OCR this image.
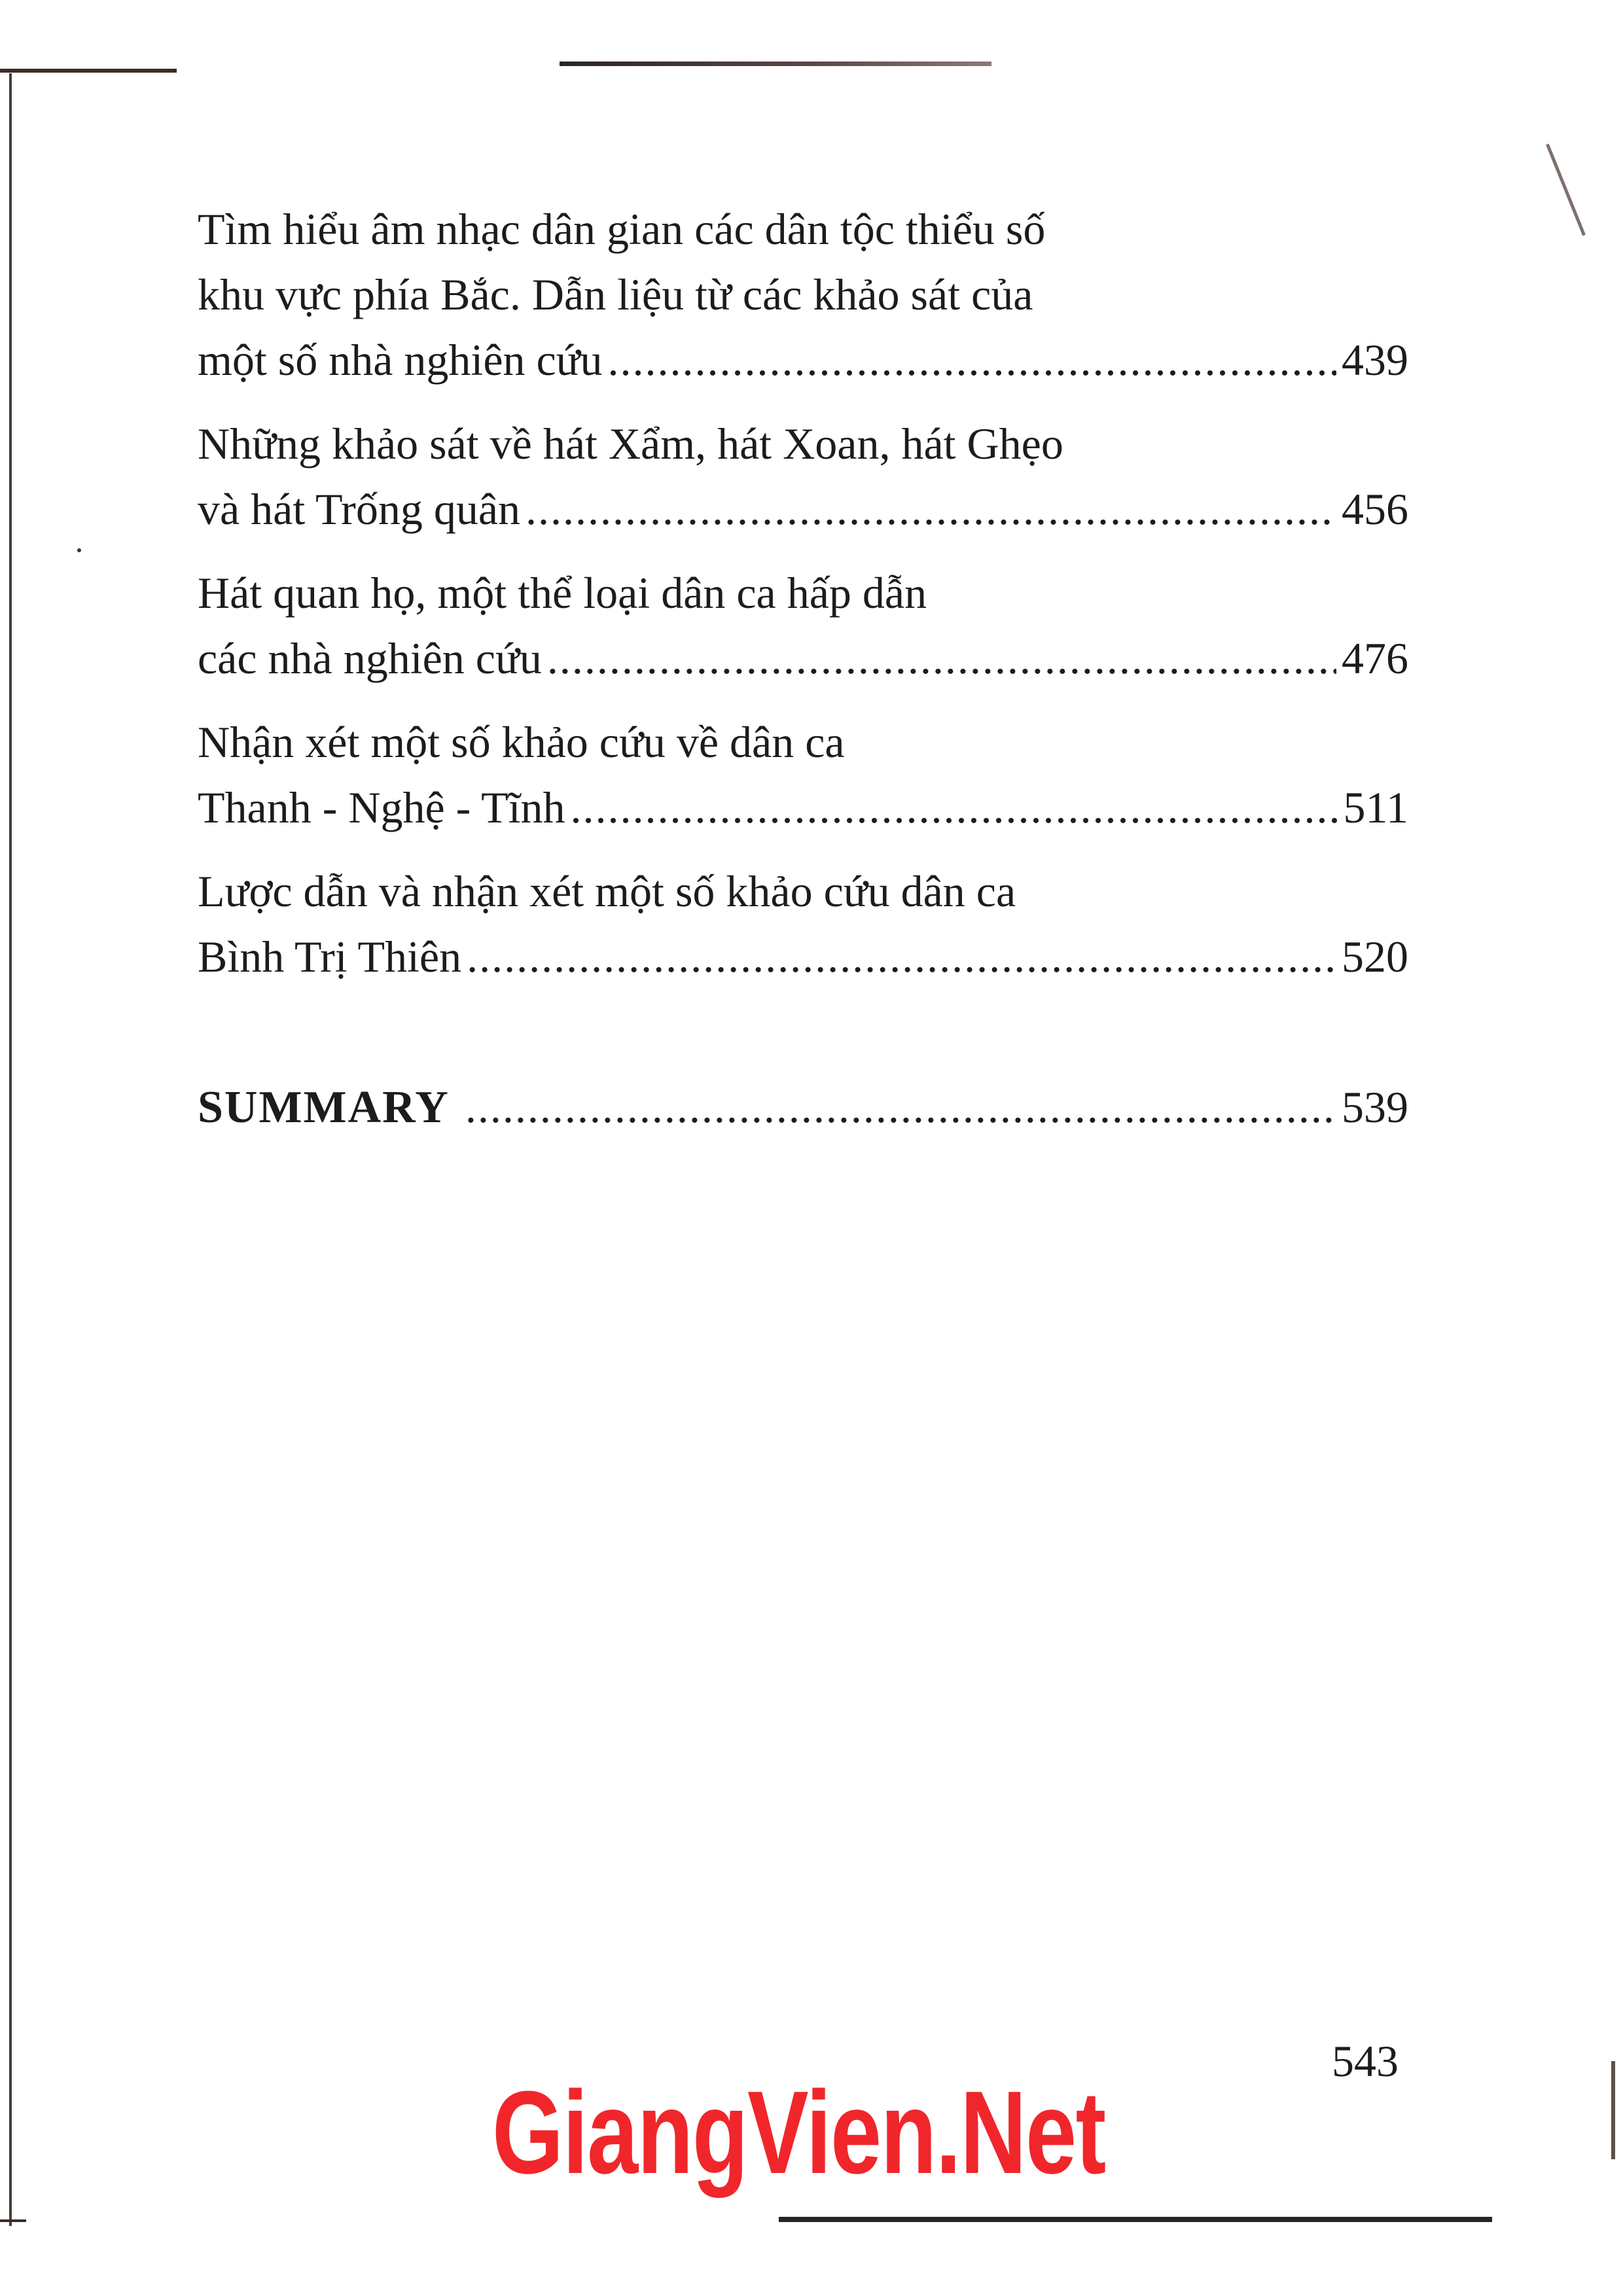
Tìm hiểu âm nhạc dân gian các dân tộc thiểu số
khu vực phía Bắc. Dẫn liệu từ các khảo sát của
một số nhà nghiên cứu .....	439
Những khảo sát về hát Xẩm, hát Xoan, hát Ghẹo
và hát Trống quân .....	456
Hát quan họ, một thể loại dân ca hấp dẫn
các nhà nghiên cứu .....	476
Nhận xét một số khảo cứu về dân ca
Thanh - Nghệ - Tĩnh .....	511
Lược dẫn và nhận xét một số khảo cứu dân ca
Bình Trị Thiên .....	520
SUMMARY .....	539
543
GiangVien.Net
